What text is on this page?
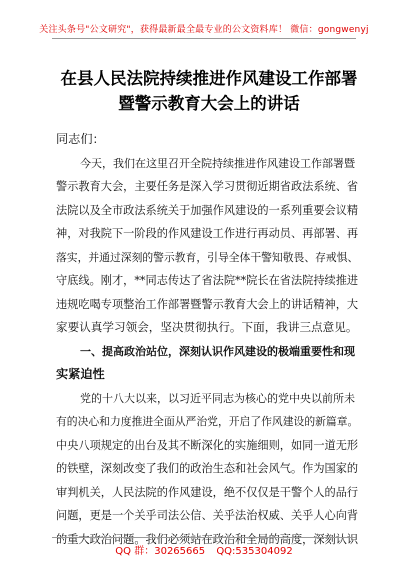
关注头条号"公文研究"，获得最新最全最专业的公文资料库！ 微信：gongwenyj
在县人民法院持续推进作风建设工作部署
暨警示教育大会上的讲话
同志们：
今天，我们在这里召开全院持续推进作风建设工作部署暨
警示教育大会，主要任务是深入学习贯彻近期省政法系统、省
法院以及全市政法系统关于加强作风建设的一系列重要会议精
神，对我院下一阶段的作风建设工作进行再动员、再部署、再
落实，并通过深刻的警示教育，引导全体干警知敬畏、存戒惧、
守底线。刚才，**同志传达了省法院**院长在省法院持续推进
违规吃喝专项整治工作部署暨警示教育大会上的讲话精神，大
家要认真学习领会，坚决贯彻执行。下面，我讲三点意见。
一、提高政治站位，深刻认识作风建设的极端重要性和现
实紧迫性
党的十八大以来，以习近平同志为核心的党中央以前所未
有的决心和力度推进全面从严治党，开启了作风建设的新篇章。
中央八项规定的出台及其不断深化的实施细则，如同一道无形
的铁壁，深刻改变了我们的政治生态和社会风气。作为国家的
审判机关，人民法院的作风建设，绝不仅仅是干警个人的品行
问题，更是一个关乎司法公信、关乎法治权威、关乎人心向背
的重大政治问题。我们必须站在政治和全局的高度，深刻认识
QQ 群：30265665 QQ:535304092
